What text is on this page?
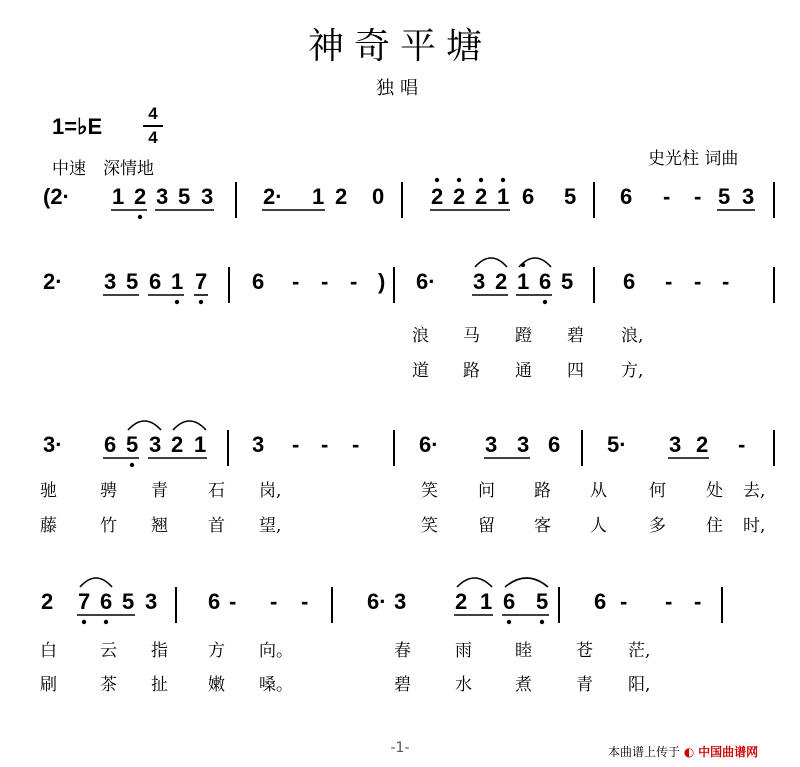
神奇平塘
独唱
1=♭E
4
4
中速　深情地	史光柱 词曲
(2· 1 2 3 5 3 2· 1 2 0 2 2 2 1 6 5 6 - - 5 3
2· 3 5 6 1 7 6 - - - ) 6· 3 2 1 6 5 6 - - -
浪 马 蹬 碧 浪,
道 路 通 四 方,
3· 6 5 3 2 1 3 - - -	6· 3 3 6 5· 3 2 -
驰	骋 青 石 岗,	笑 问 路 从 何 处 去,
藤	竹 翘 首 望,	笑 留 客 人 多 住 时,
2 7 6 5 3 6 - - -	6· 3 2 1 6 5 6 - - -
白	云 指 方 向。	春	雨	睦	苍 茫,
刷	茶 扯 嫩 嗓。	碧	水	煮	青 阳,
-1-	本曲谱上传于 ◐ 中国曲谱网
